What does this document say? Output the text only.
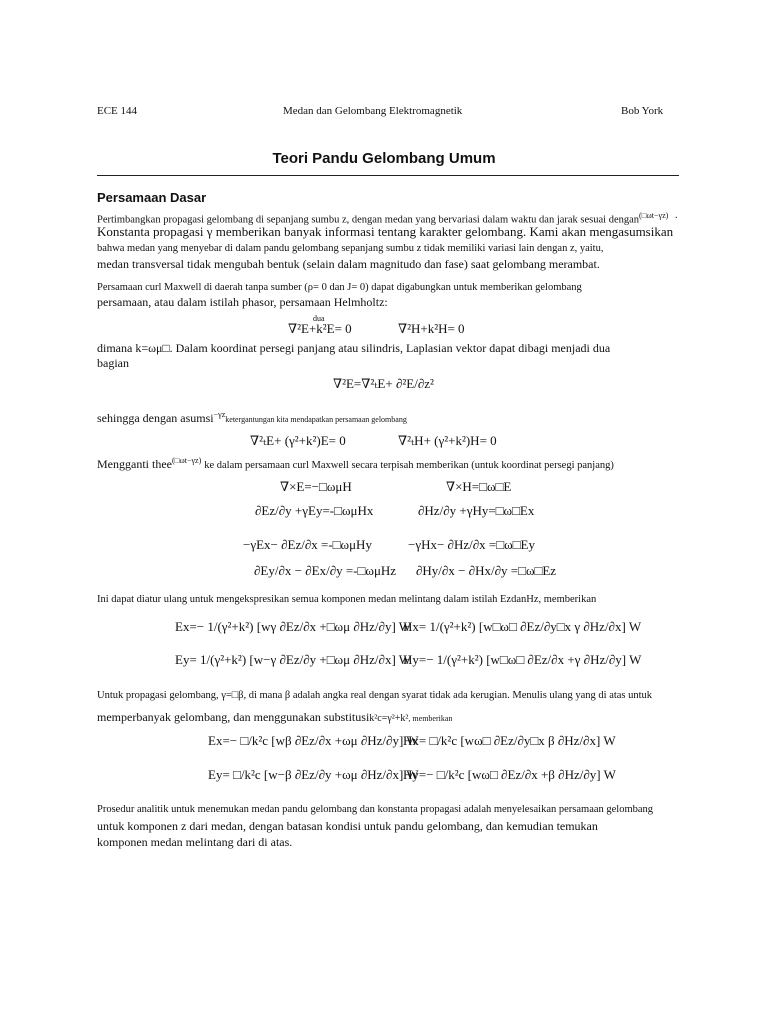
ECE 144	Medan dan Gelombang Elektromagnetik	Bob York
Teori Pandu Gelombang Umum
Persamaan Dasar
Pertimbangkan propagasi gelombang di sepanjang sumbu z, dengan medan yang bervariasi dalam waktu dan jarak sesuai dengan$^{(□\omega t-\gamma z)}$ .
Konstanta propagasi γ memberikan banyak informasi tentang karakter gelombang. Kami akan mengasumsikan
bahwa medan yang menyebar di dalam pandu gelombang sepanjang sumbu z tidak memiliki variasi lain dengan z, yaitu,
medan transversal tidak mengubah bentuk (selain dalam magnitudo dan fase) saat gelombang merambat.
Persamaan curl Maxwell di daerah tanpa sumber (ρ= 0 dan J= 0) dapat digabungkan untuk memberikan gelombang
persamaan, atau dalam istilah phasor, persamaan Helmholtz:
dua
∇²E+k²E= 0	∇²H+k²H= 0
dimana k=ωμ□. Dalam koordinat persegi panjang atau silindris, Laplasian vektor dapat dibagi menjadi dua
bagian
∇²E=∇²ₜE+ ∂²E/∂z²
sehingga dengan asumsi$^{-\gamma z}$ketergantungan kita mendapatkan persamaan gelombang
∇²ₜE+ (γ²+k²)E= 0	∇²ₜH+ (γ²+k²)H= 0
Mengganti thee$^{(□\omega t-\gamma z)}$ ke dalam persamaan curl Maxwell secara terpisah memberikan (untuk koordinat persegi panjang)
∇×E=−□ωμH	∇×H=□ω□E
∂Ez/∂y +γEy=-□ωμHx	∂Hz/∂y +γHy=□ω□Ex
−γEx− ∂Ez/∂x =-□ωμHy	−γHx− ∂Hz/∂x =□ω□Ey
∂Ey/∂x − ∂Ex/∂y =-□ωμHz ∂Hy/∂x − ∂Hx/∂y =□ω□Ez
Ini dapat diatur ulang untuk mengekspresikan semua komponen medan melintang dalam istilah EzdanHz, memberikan
Ex=− 1/(γ²+k²) [wγ ∂Ez/∂x +□ωμ ∂Hz/∂y] W
Hx= 1/(γ²+k²) [w□ω□ ∂Ez/∂y□x γ ∂Hz/∂x] W
Ey= 1/(γ²+k²) [w−γ ∂Ez/∂y +□ωμ ∂Hz/∂x] W
Hy=− 1/(γ²+k²) [w□ω□ ∂Ez/∂x +γ ∂Hz/∂y] W
Untuk propagasi gelombang, γ=□β, di mana β adalah angka real dengan syarat tidak ada kerugian. Menulis ulang yang di atas untuk
memperbanyak gelombang, dan menggunakan substitusik²c=γ²+k², memberikan
Ex=− □/k²c [wβ ∂Ez/∂x +ωμ ∂Hz/∂y] W
Hx= □/k²c [wω□ ∂Ez/∂y□x β ∂Hz/∂x] W
Ey= □/k²c [w−β ∂Ez/∂y +ωμ ∂Hz/∂x] W
Hy=− □/k²c [wω□ ∂Ez/∂x +β ∂Hz/∂y] W
Prosedur analitik untuk menemukan medan pandu gelombang dan konstanta propagasi adalah menyelesaikan persamaan gelombang
untuk komponen z dari medan, dengan batasan kondisi untuk pandu gelombang, dan kemudian temukan
komponen medan melintang dari di atas.
